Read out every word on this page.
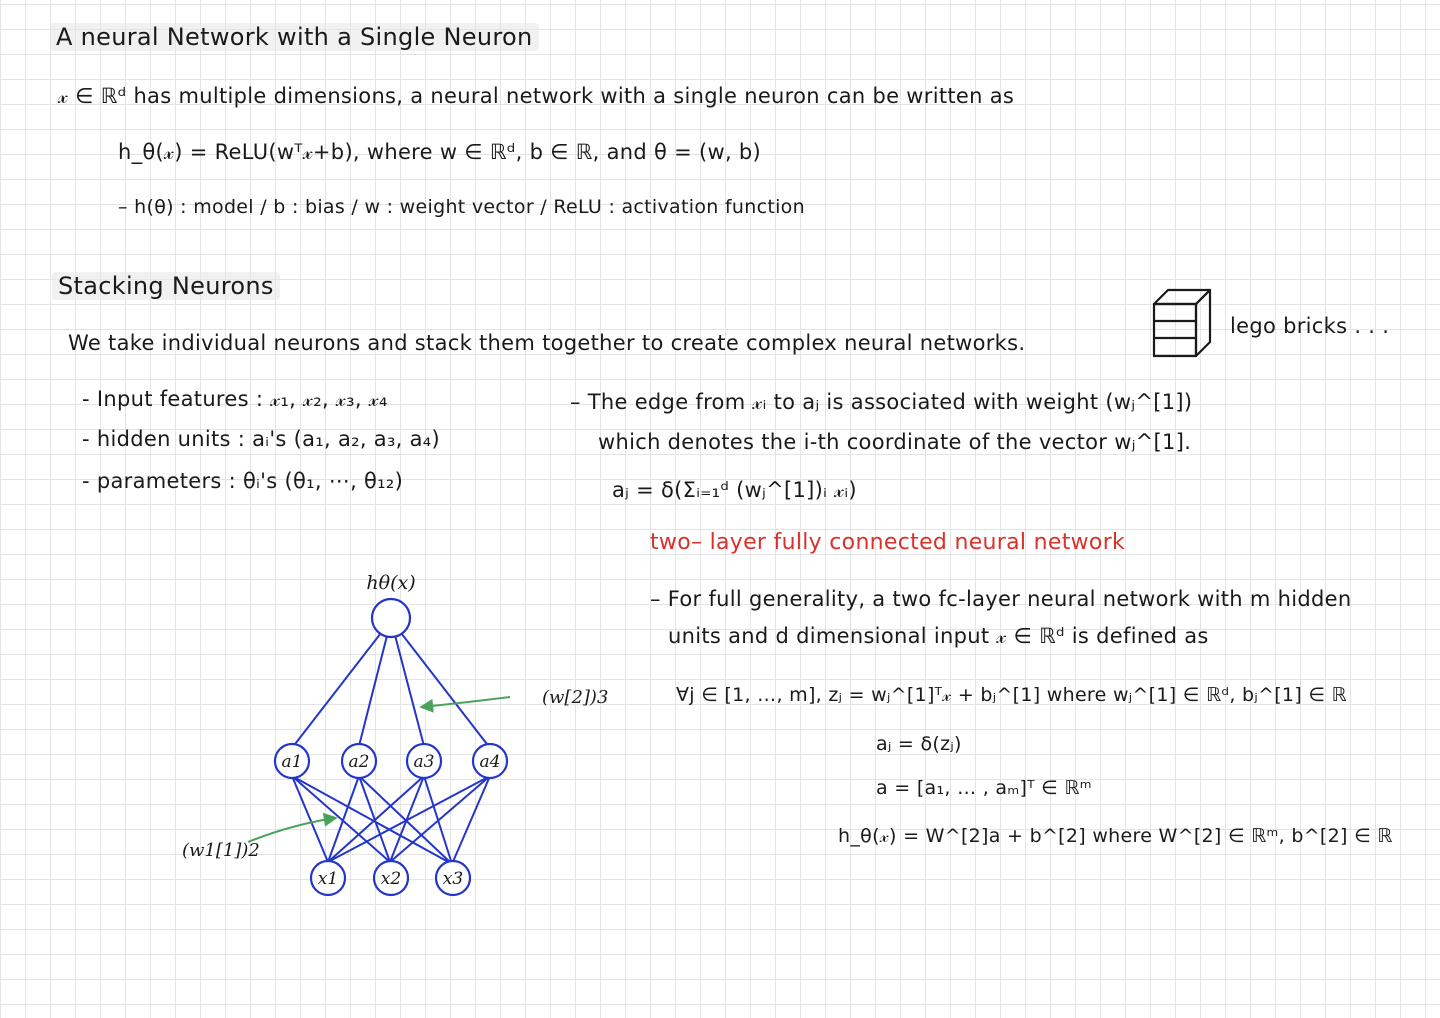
A neural Network with a Single Neuron
𝓍 ∈ ℝᵈ has multiple dimensions, a neural network with a single neuron can be written as
h_θ(𝓍) = ReLU(wᵀ𝓍+b), where w ∈ ℝᵈ, b ∈ ℝ, and θ = (w, b)
– h(θ) : model / b : bias / w : weight vector / ReLU : activation function
Stacking Neurons
We take individual neurons and stack them together to create complex neural networks.
lego bricks . . .
- Input features : 𝓍₁, 𝓍₂, 𝓍₃, 𝓍₄
- hidden units : aᵢ's (a₁, a₂, a₃, a₄)
- parameters : θᵢ's (θ₁, ⋯, θ₁₂)
– The edge from 𝓍ᵢ to aⱼ is associated with weight (wⱼ^[1])
which denotes the i-th coordinate of the vector wⱼ^[1].
aⱼ = δ(Σᵢ₌₁ᵈ (wⱼ^[1])ᵢ 𝓍ᵢ)
two– layer fully connected neural network
– For full generality, a two fc-layer neural network with m hidden
units and d dimensional input 𝓍 ∈ ℝᵈ is defined as
∀j ∈ [1, …, m], zⱼ = wⱼ^[1]ᵀ𝓍 + bⱼ^[1] where wⱼ^[1] ∈ ℝᵈ, bⱼ^[1] ∈ ℝ
aⱼ = δ(zⱼ)
a = [a₁, … , aₘ]ᵀ ∈ ℝᵐ
h_θ(𝓍) = W^[2]a + b^[2] where W^[2] ∈ ℝᵐ, b^[2] ∈ ℝ
hθ(x)
a1	a2	a3	a4
x1	x2 x3
(w[2])3
(w1[1])2
